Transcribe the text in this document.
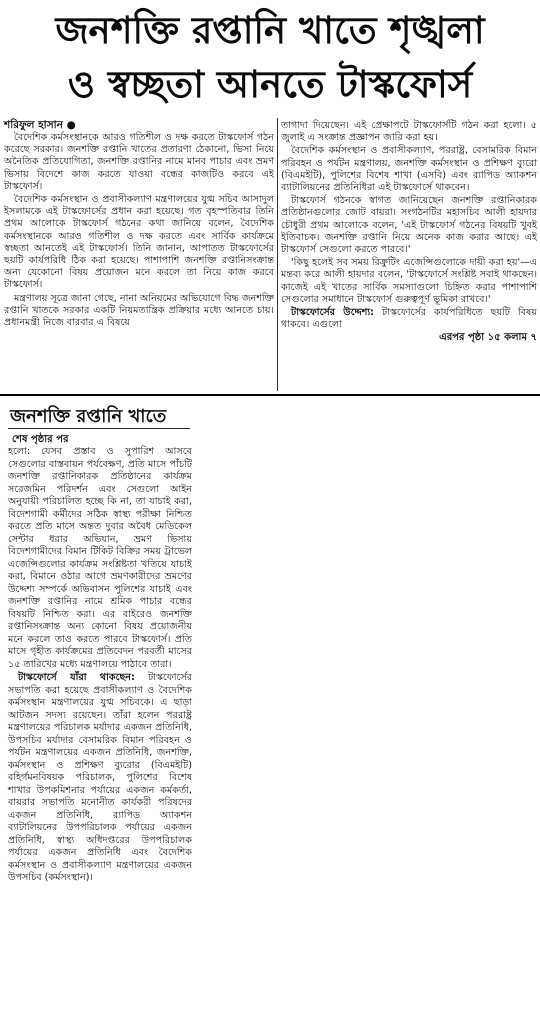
জনশক্তি রপ্তানি খাতে শৃঙ্খলা
ও স্বচ্ছতা আনতে টাস্কফোর্স
শরিফুল হাসান ●

বৈদেশিক কর্মসংস্থানকে আরও গতিশীল ও দক্ষ করতে টাস্কফোর্স গঠন করেছে সরকার। জনশক্তি রপ্তানি খাতের প্রতারণা ঠেকানো, ভিসা নিয়ে অনৈতিক প্রতিযোগিতা, জনশক্তি রপ্তানির নামে মানব পাচার এবং ভ্রমণ ভিসায় বিদেশে কাজ করতে যাওয়া বন্ধের কাজটিও করবে এই টাস্কফোর্স।

বৈদেশিক কর্মসংস্থান ও প্রবাসীকল্যাণ মন্ত্রণালয়ের যুগ্ম সচিব আসাদুল ইসলামকে এই টাস্কফোর্সের প্রধান করা হয়েছে। গত বৃহস্পতিবার তিনি প্রথম আলোকে টাস্কফোর্স গঠনের কথা জানিয়ে বলেন, বৈদেশিক কর্মসংস্থানকে আরও গতিশীল ও দক্ষ করতে এবং সার্বিক কার্যক্রমে স্বচ্ছতা আনতেই এই টাস্কফোর্স। তিনি জানান, আপাতত টাস্কফোর্সের ছয়টি কার্যপরিধি ঠিক করা হয়েছে। পাশাপাশি জনশক্তি রপ্তানিসংক্রান্ত অন্য যেকোনো বিষয় প্রয়োজন মনে করলে তা নিয়ে কাজ করবে টাস্কফোর্স।

মন্ত্রণালয় সূত্রে জানা গেছে, নানা অনিয়মের অভিযোগে বিদ্ধ জনশক্তি রপ্তানি খাতকে সরকার একটি নিয়মতান্ত্রিক প্রক্রিয়ার মধ্যে আনতে চায়। প্রধানমন্ত্রী নিজে বারবার এ বিষয়ে

তাগাদা দিয়েছেন। এই প্রেক্ষাপটে টাস্কফোর্সটি গঠন করা হলো। ৫ জুলাই এ সংক্রান্ত প্রজ্ঞাপন জারি করা হয়।

বৈদেশিক কর্মসংস্থান ও প্রবাসীকল্যাণ, পররাষ্ট্র, বেসামরিক বিমান পরিবহন ও পর্যটন মন্ত্রণালয়, জনশক্তি কর্মসংস্থান ও প্রশিক্ষণ ব্যুরো (বিএমইটি), পুলিশের বিশেষ শাখা (এসবি) এবং র‍্যাপিড অ্যাকশন ব্যাটালিয়নের প্রতিনিধিরা এই টাস্কফোর্সে থাকবেন।

টাস্কফোর্স গঠনকে স্বাগত জানিয়েছেন জনশক্তি রপ্তানিকারক প্রতিষ্ঠানগুলোর জোট বায়রা। সংগঠনটির মহাসচিব আলী হায়দার চৌধুরী প্রথম আলোকে বলেন, 'এই টাস্কফোর্স গঠনের বিষয়টি খুবই ইতিবাচক। জনশক্তি রপ্তানি নিয়ে অনেক কাজ করার আছে। এই টাস্কফোর্স সেগুলো করতে পারবে।'

'কিছু হলেই সব সময় রিক্রুটিং এজেন্সিগুলোকে দায়ী করা হয়'—এ মন্তব্য করে আলী হায়দার বলেন, 'টাস্কফোর্সে সংশ্লিষ্ট সবাই থাকছেন। কাজেই এই খাতের সার্বিক সমস্যাগুলো চিহ্নিত করার পাশাপাশি সেগুলোর সমাধানে টাস্কফোর্স গুরুত্বপূর্ণ ভূমিকা রাখবে।'

টাস্কফোর্সের উদ্দেশ্য: টাস্কফোর্সের কার্যপরিধিতে ছয়টি বিষয় থাকবে। এগুলো

এরপর পৃষ্ঠা ১৫ কলাম ৭
জনশক্তি রপ্তানি খাতে
শেষ পৃষ্ঠার পর

হলো: যেসব প্রস্তাব ও সুপারিশ আসবে সেগুলোর বাস্তবায়ন পর্যবেক্ষণ, প্রতি মাসে পাঁচটি জনশক্তি রপ্তানিকারক প্রতিষ্ঠানের কার্যক্রম সরেজমিন পরিদর্শন এবং সেগুলো আইন অনুযায়ী পরিচালিত হচ্ছে কি না, তা যাচাই করা, বিদেশগামী কর্মীদের সঠিক স্বাস্থ্য পরীক্ষা নিশ্চিত করতে প্রতি মাসে অন্তত দুবার অবৈধ মেডিকেল সেন্টার ধরার অভিযান, ভ্রমণ ভিসায় বিদেশগামীদের বিমান টিকিট বিক্রির সময় ট্রাভেল এজেন্সিগুলোর কার্যক্রম সংশ্লিষ্টতা খতিয়ে যাচাই করা, বিমানে ওঠার আগে ভ্রমণকারীদের ভ্রমণের উদ্দেশ্য সম্পর্কে অভিবাসন পুলিশের যাচাই এবং জনশক্তি রপ্তানির নামে শ্রমিক পাচার বন্ধের বিষয়টি নিশ্চিত করা। এর বাইরেও জনশক্তি রপ্তানিসংক্রান্ত অন্য কোনো বিষয় প্রয়োজনীয় মনে করলে তাও করতে পারবে টাস্কফোর্স। প্রতি মাসে গৃহীত কার্যক্রমের প্রতিবেদন পরবর্তী মাসের ১৫ তারিখের মধ্যে মন্ত্রণালয়ে পাঠাবে তারা।

টাস্কফোর্সে যাঁরা থাকছেন: টাস্কফোর্সের সভাপতি করা হয়েছে প্রবাসীকল্যাণ ও বৈদেশিক কর্মসংস্থান মন্ত্রণালয়ের যুগ্ম সচিবকে। এ ছাড়া আটজন সদস্য রয়েছেন। তাঁরা হলেন পররাষ্ট্র মন্ত্রণালয়ের পরিচালক মর্যাদার একজন প্রতিনিধি, উপসচিব মর্যাদার বেসামরিক বিমান পরিবহন ও পর্যটন মন্ত্রণালয়ের একজন প্রতিনিধি, জনশক্তি, কর্মসংস্থান ও প্রশিক্ষণ ব্যুরোর (বিএমইটি) বহির্গমনবিষয়ক পরিচালক, পুলিশের বিশেষ শাখার উপকমিশনার পর্যায়ের একজন কর্মকর্তা, বায়রার সভাপতি মনোনীত কার্যকরী পরিষদের একজন প্রতিনিধি, র‍্যাপিড অ্যাকশন ব্যাটালিয়নের উপপরিচালক পর্যায়ের একজন প্রতিনিধি, স্বাস্থ্য অধিদপ্তরের উপপরিচালক পর্যায়ের একজন প্রতিনিধি এবং বৈদেশিক কর্মসংস্থান ও প্রবাসীকল্যাণ মন্ত্রণালয়ের একজন উপসচিব (কর্মসংস্থান)।
